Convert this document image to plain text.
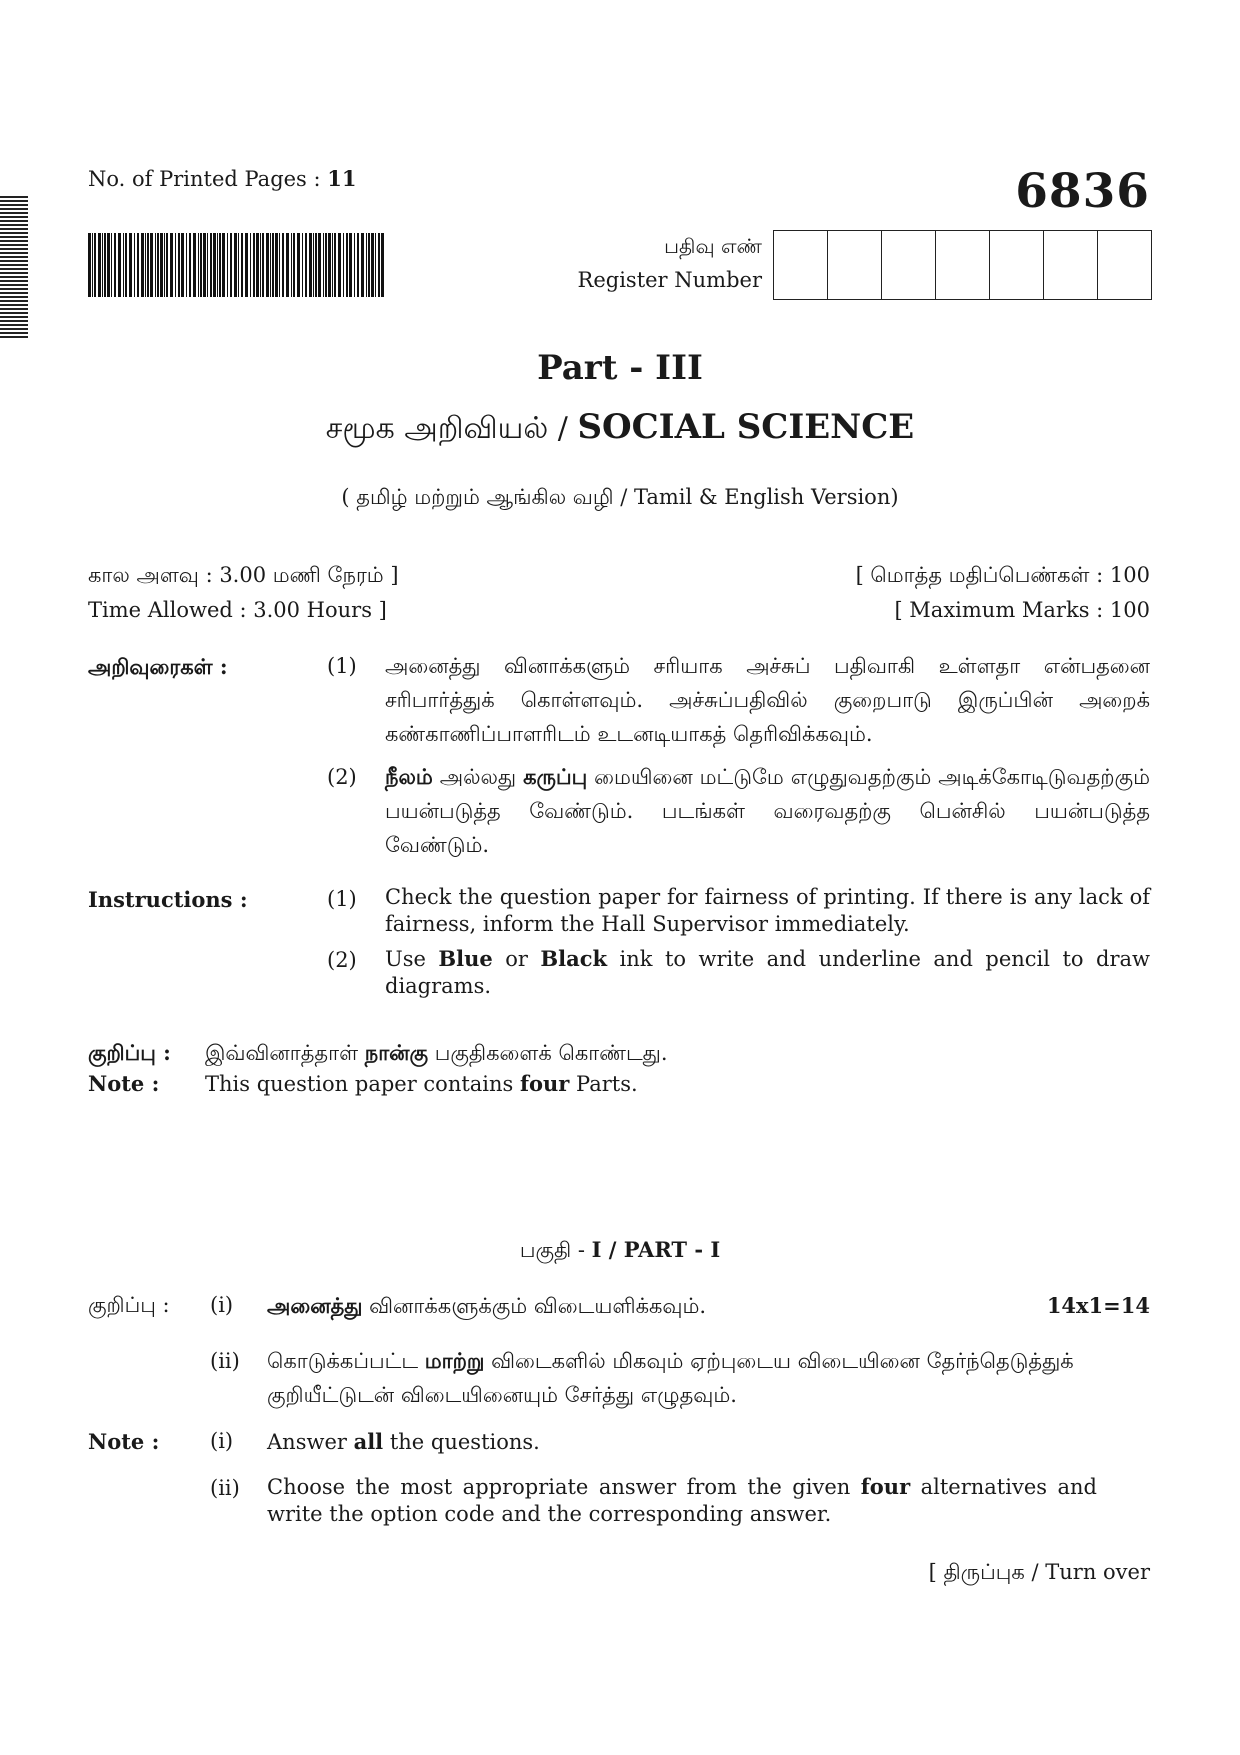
No. of Printed Pages : 11	6836
பதிவு எண்
Register Number
Part - III
சமூக அறிவியல் / SOCIAL SCIENCE
( தமிழ் மற்றும் ஆங்கில வழி / Tamil & English Version)
கால அளவு : 3.00 மணி நேரம் ]	[ மொத்த மதிப்பெண்கள் : 100
Time Allowed : 3.00 Hours ]	[ Maximum Marks : 100
அறிவுரைகள் :	(1) அனைத்து வினாக்களும் சரியாக அச்சுப் பதிவாகி உள்ளதா என்பதனை சரிபார்த்துக் கொள்ளவும். அச்சுப்பதிவில் குறைபாடு இருப்பின் அறைக் கண்காணிப்பாளரிடம் உடனடியாகத் தெரிவிக்கவும்.
(2) நீலம் அல்லது கருப்பு மையினை மட்டுமே எழுதுவதற்கும் அடிக்கோடிடுவதற்கும் பயன்படுத்த வேண்டும். படங்கள் வரைவதற்கு பென்சில் பயன்படுத்த வேண்டும்.
Instructions :	(1) Check the question paper for fairness of printing. If there is any lack of fairness, inform the Hall Supervisor immediately.
(2) Use Blue or Black ink to write and underline and pencil to draw diagrams.
குறிப்பு : இவ்வினாத்தாள் நான்கு பகுதிகளைக் கொண்டது.
Note : This question paper contains four Parts.
பகுதி - I / PART - I
குறிப்பு : (i) அனைத்து வினாக்களுக்கும் விடையளிக்கவும்.	14x1=14
(ii) கொடுக்கப்பட்ட மாற்று விடைகளில் மிகவும் ஏற்புடைய விடையினை தேர்ந்தெடுத்துக் குறியீட்டுடன் விடையினையும் சேர்த்து எழுதவும்.
Note : (i) Answer all the questions.
(ii) Choose the most appropriate answer from the given four alternatives and write the option code and the corresponding answer.
[ திருப்புக / Turn over
